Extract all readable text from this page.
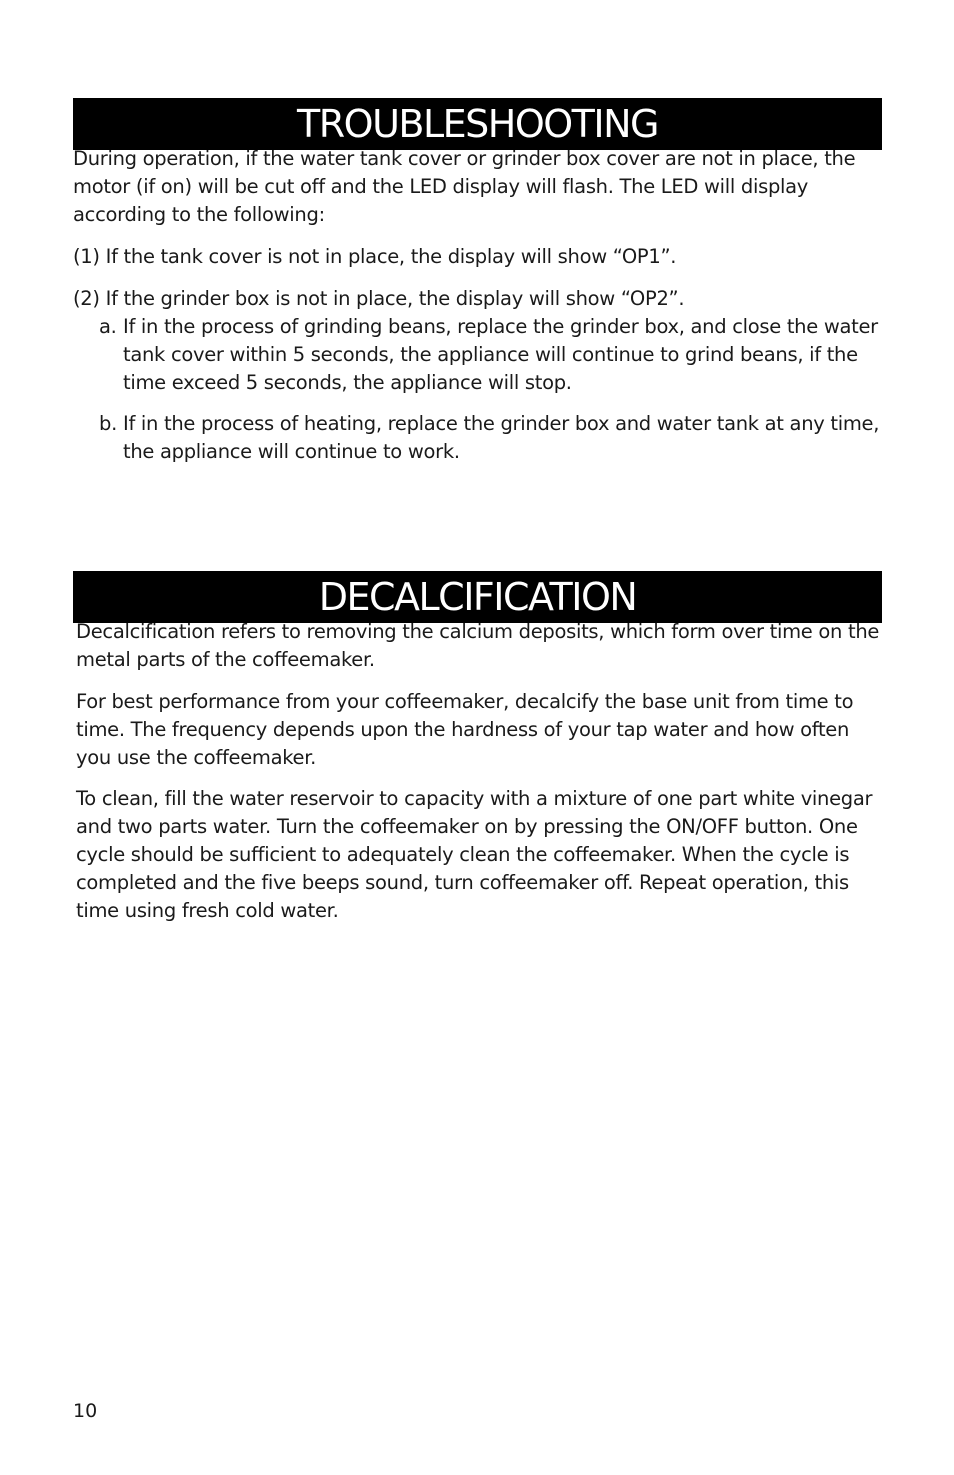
TROUBLESHOOTING

During operation, if the water tank cover or grinder box cover are not in place, the motor (if on) will be cut off and the LED display will flash. The LED will display according to the following:

(1) If the tank cover is not in place, the display will show “OP1”.

(2) If the grinder box is not in place, the display will show “OP2”.

a. If in the process of grinding beans, replace the grinder box, and close the water tank cover within 5 seconds, the appliance will continue to grind beans, if the time exceed 5 seconds, the appliance will stop.
b. If in the process of heating, replace the grinder box and water tank at any time, the appliance will continue to work.
DECALCIFICATION

Decalcification refers to removing the calcium deposits, which form over time on the metal parts of the coffeemaker.

For best performance from your coffeemaker, decalcify the base unit from time to time. The frequency depends upon the hardness of your tap water and how often you use the coffeemaker.

To clean, fill the water reservoir to capacity with a mixture of one part white vinegar and two parts water. Turn the coffeemaker on by pressing the ON/OFF button. One cycle should be sufficient to adequately clean the coffeemaker. When the cycle is completed and the five beeps sound, turn coffeemaker off. Repeat operation, this time using fresh cold water.

10
